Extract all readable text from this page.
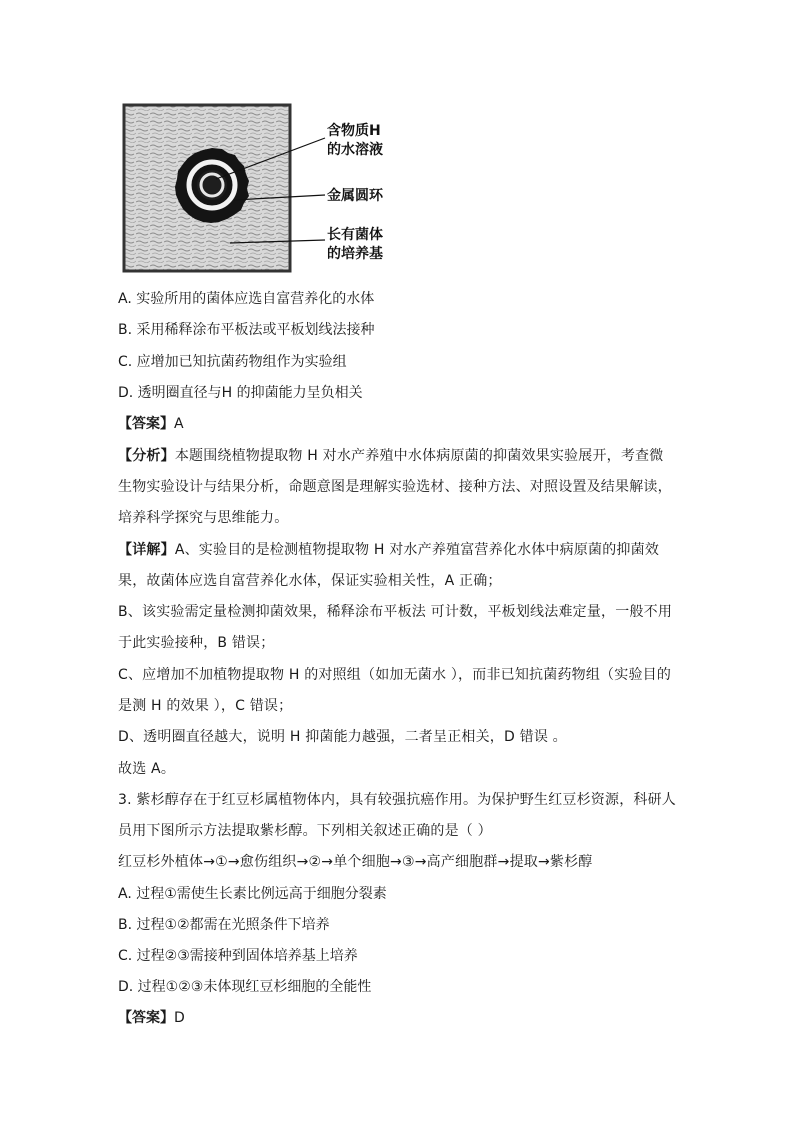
含物质H
的水溶液
金属圆环
长有菌体
的培养基
A. 实验所用的菌体应选自富营养化的水体
B. 采用稀释涂布平板法或平板划线法接种
C. 应增加已知抗菌药物组作为实验组
D. 透明圈直径与H 的抑菌能力呈负相关
【答案】A
【分析】本题围绕植物提取物 H 对水产养殖中水体病原菌的抑菌效果实验展开，考查微
生物实验设计与结果分析，命题意图是理解实验选材、接种方法、对照设置及结果解读，
培养科学探究与思维能力。
【详解】A、实验目的是检测植物提取物 H 对水产养殖富营养化水体中病原菌的抑菌效
果，故菌体应选自富营养化水体，保证实验相关性，A 正确；
B、该实验需定量检测抑菌效果，稀释涂布平板法 可计数，平板划线法难定量，一般不用
于此实验接种，B 错误；
C、应增加不加植物提取物 H 的对照组（如加无菌水 ），而非已知抗菌药物组（实验目的
是测 H 的效果 ），C 错误；
D、透明圈直径越大，说明 H 抑菌能力越强，二者呈正相关，D 错误 。
故选 A。
3. 紫杉醇存在于红豆杉属植物体内，具有较强抗癌作用。为保护野生红豆杉资源，科研人
员用下图所示方法提取紫杉醇。下列相关叙述正确的是（ ）
红豆杉外植体→①→愈伤组织→②→单个细胞→③→高产细胞群→提取→紫杉醇
A. 过程①需使生长素比例远高于细胞分裂素
B. 过程①②都需在光照条件下培养
C. 过程②③需接种到固体培养基上培养
D. 过程①②③未体现红豆杉细胞的全能性
【答案】D
